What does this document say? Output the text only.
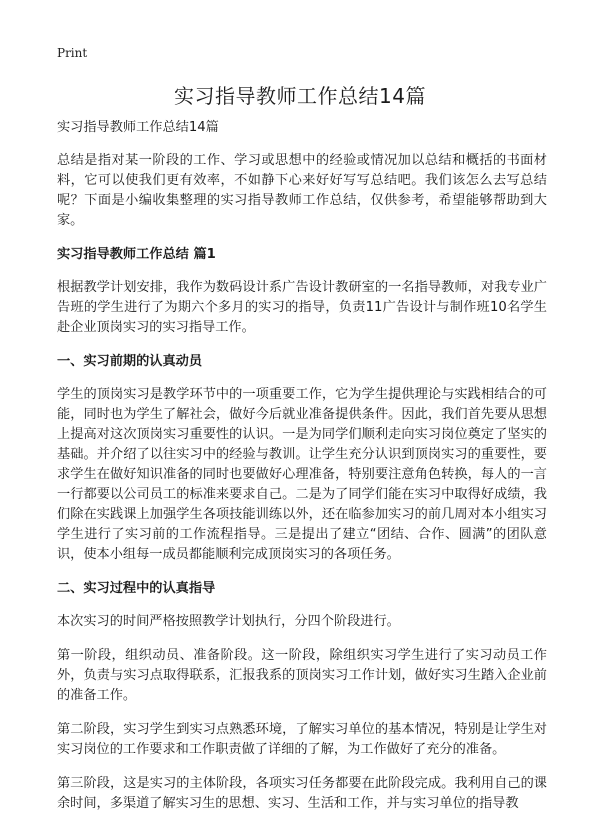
Print
实习指导教师工作总结14篇

实习指导教师工作总结14篇

总结是指对某一阶段的工作、学习或思想中的经验或情况加以总结和概括的书面材料，它可以使我们更有效率，不如静下心来好好写写总结吧。我们该怎么去写总结呢？下面是小编收集整理的实习指导教师工作总结，仅供参考，希望能够帮助到大家。

实习指导教师工作总结 篇1

根据教学计划安排，我作为数码设计系广告设计教研室的一名指导教师，对我专业广告班的学生进行了为期六个多月的实习的指导，负责11广告设计与制作班10名学生赴企业顶岗实习的实习指导工作。

一、实习前期的认真动员

学生的顶岗实习是教学环节中的一项重要工作，它为学生提供理论与实践相结合的可能，同时也为学生了解社会，做好今后就业准备提供条件。因此，我们首先要从思想上提高对这次顶岗实习重要性的认识。一是为同学们顺利走向实习岗位奠定了坚实的基础。并介绍了以往实习中的经验与教训。让学生充分认识到顶岗实习的重要性，要求学生在做好知识准备的同时也要做好心理准备，特别要注意角色转换，每人的一言一行都要以公司员工的标准来要求自己。二是为了同学们能在实习中取得好成绩，我们除在实践课上加强学生各项技能训练以外，还在临参加实习的前几周对本小组实习学生进行了实习前的工作流程指导。三是提出了建立“团结、合作、圆满”的团队意识，使本小组每一成员都能顺利完成顶岗实习的各项任务。

二、实习过程中的认真指导

本次实习的时间严格按照教学计划执行，分四个阶段进行。

第一阶段，组织动员、准备阶段。这一阶段，除组织实习学生进行了实习动员工作外，负责与实习点取得联系，汇报我系的顶岗实习工作计划，做好实习生踏入企业前的准备工作。

第二阶段，实习学生到实习点熟悉环境，了解实习单位的基本情况，特别是让学生对实习岗位的工作要求和工作职责做了详细的了解，为工作做好了充分的准备。

第三阶段，这是实习的主体阶段，各项实习任务都要在此阶段完成。我利用自己的课余时间，多渠道了解实习生的思想、实习、生活和工作，并与实习单位的指导教
